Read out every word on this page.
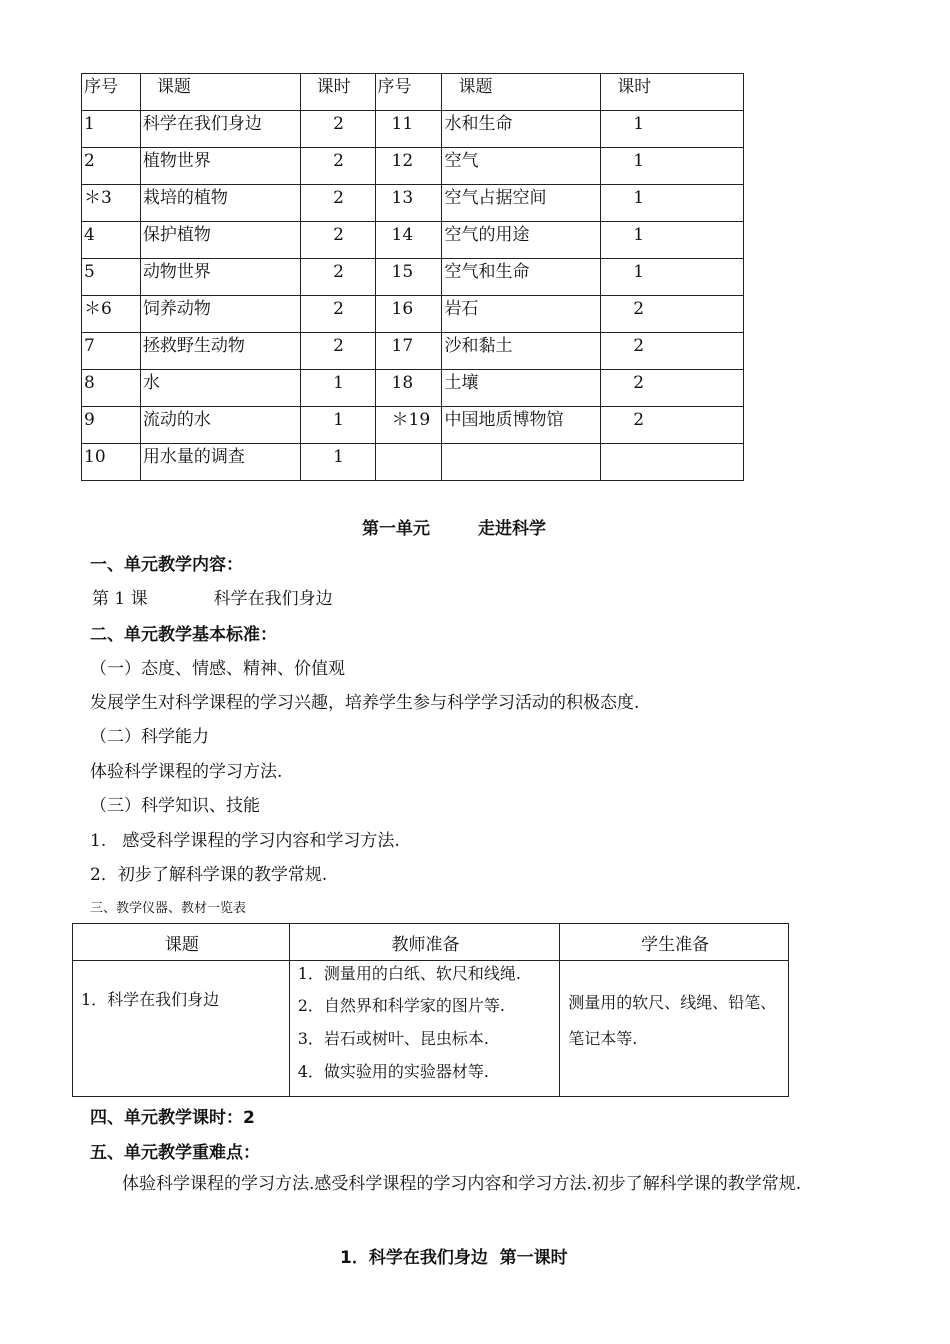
序号	课题	课时	序号	课题	课时
1	科学在我们身边	2	11	水和生命	1
2	植物世界	2	12	空气	1
＊3	栽培的植物	2	13	空气占据空间	1
4	保护植物	2	14	空气的用途	1
5	动物世界	2	15	空气和生命	1
＊6	饲养动物	2	16	岩石	2
7	拯救野生动物	2	17	沙和黏土	2
8	水	1	18	土壤	2
9	流动的水	1	＊19	中国地质博物馆	2
10	用水量的调查	1			
第一单元	走进科学
一、单元教学内容：
第 1 课	科学在我们身边
二、单元教学基本标准：
（一）态度、情感、精神、价值观
发展学生对科学课程的学习兴趣，培养学生参与科学学习活动的积极态度.
（二）科学能力
体验科学课程的学习方法.
（三）科学知识、技能
1.   感受科学课程的学习内容和学习方法.
2．初步了解科学课的教学常规.
三、教学仪器、教材一览表
课题	教师准备	学生准备
1．科学在我们身边	1．测量用的白纸、软尺和线绳.
2．自然界和科学家的图片等.
3．岩石或树叶、昆虫标本.
4．做实验用的实验器材等.	测量用的软尺、线绳、铅笔、笔记本等.
四、单元教学课时：2
五、单元教学重难点：
体验科学课程的学习方法.感受科学课程的学习内容和学习方法.初步了解科学课的教学常规.
1．科学在我们身边  第一课时
